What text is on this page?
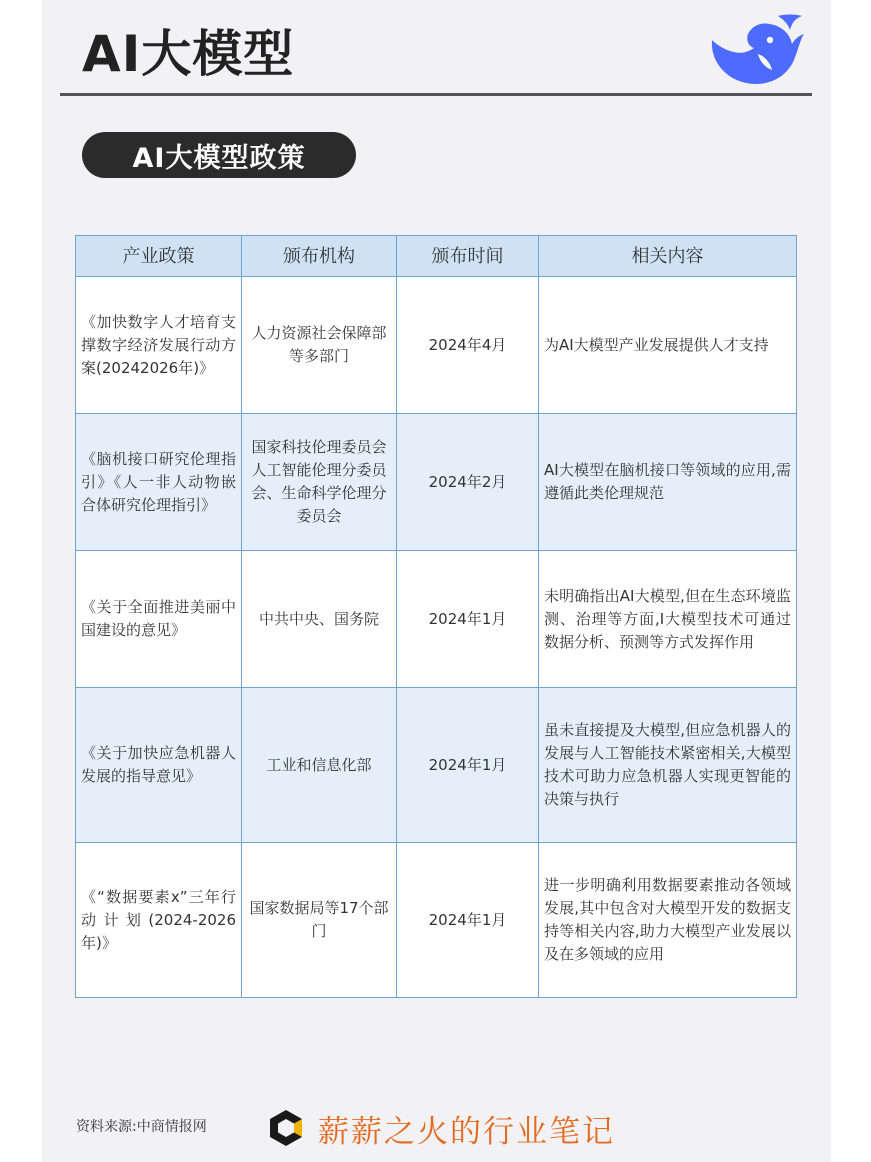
AI大模型
AI大模型政策
产业政策	颁布机构	颁布时间	相关内容
《加快数字人才培育支撑数字经济发展行动方案(20242026年)》	人力资源社会保障部等多部门	2024年4月	为AI大模型产业发展提供人才支持
《脑机接口研究伦理指引》《人一非人动物嵌合体研究伦理指引》	国家科技伦理委员会人工智能伦理分委员会、生命科学伦理分委员会	2024年2月	AI大模型在脑机接口等领域的应用,需遵循此类伦理规范
《关于全面推进美丽中国建设的意见》	中共中央、国务院	2024年1月	未明确指出AI大模型,但在生态环境监测、治理等方面,I大模型技术可通过数据分析、预测等方式发挥作用
《关于加快应急机器人发展的指导意见》	工业和信息化部	2024年1月	虽未直接提及大模型,但应急机器人的发展与人工智能技术紧密相关,大模型技术可助力应急机器人实现更智能的决策与执行
《“数据要素x”三年行动计划(2024-2026年)》	国家数据局等17个部门	2024年1月	进一步明确利用数据要素推动各领域发展,其中包含对大模型开发的数据支持等相关内容,助力大模型产业发展以及在多领域的应用
资料来源:中商情报网	薪薪之火的行业笔记
